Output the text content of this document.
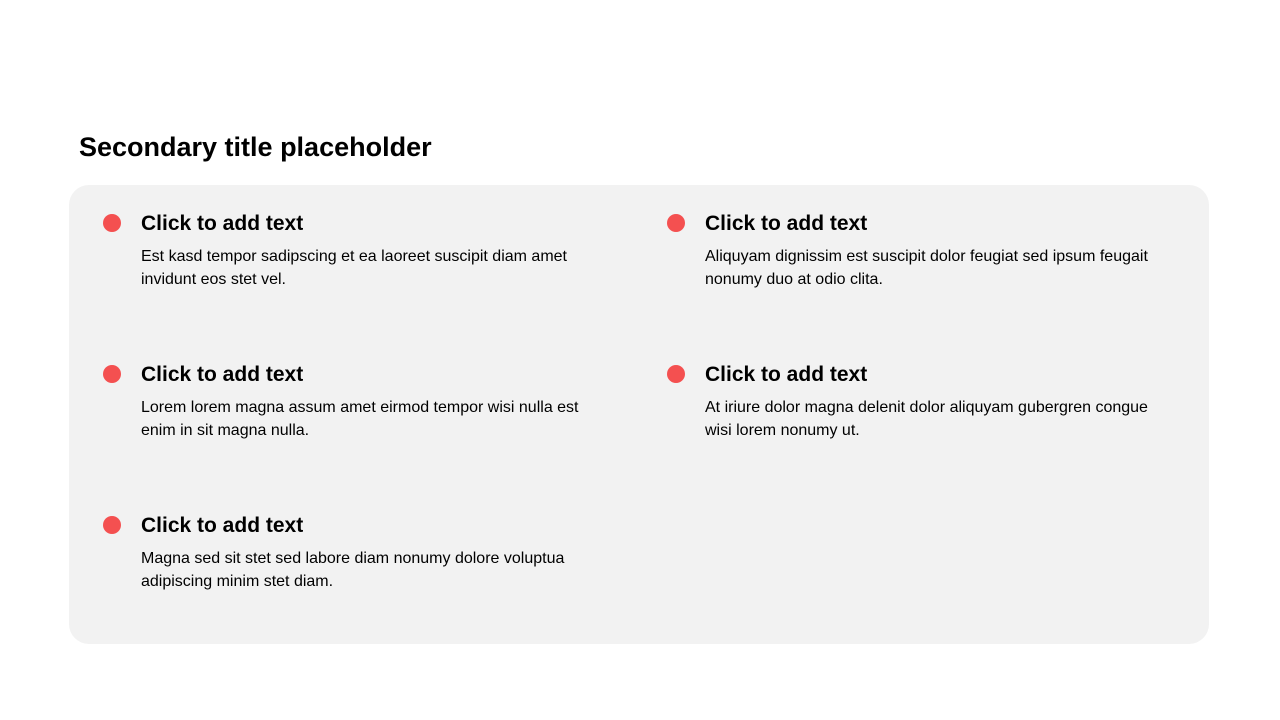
Secondary title placeholder
Click to add text

Est kasd tempor sadipscing et ea laoreet suscipit diam amet invidunt eos stet vel.

Click to add text

Aliquyam dignissim est suscipit dolor feugiat sed ipsum feugait nonumy duo at odio clita.

Click to add text

Lorem lorem magna assum amet eirmod tempor wisi nulla est enim in sit magna nulla.

Click to add text

At iriure dolor magna delenit dolor aliquyam gubergren congue wisi lorem nonumy ut.

Click to add text

Magna sed sit stet sed labore diam nonumy dolore voluptua adipiscing minim stet diam.
